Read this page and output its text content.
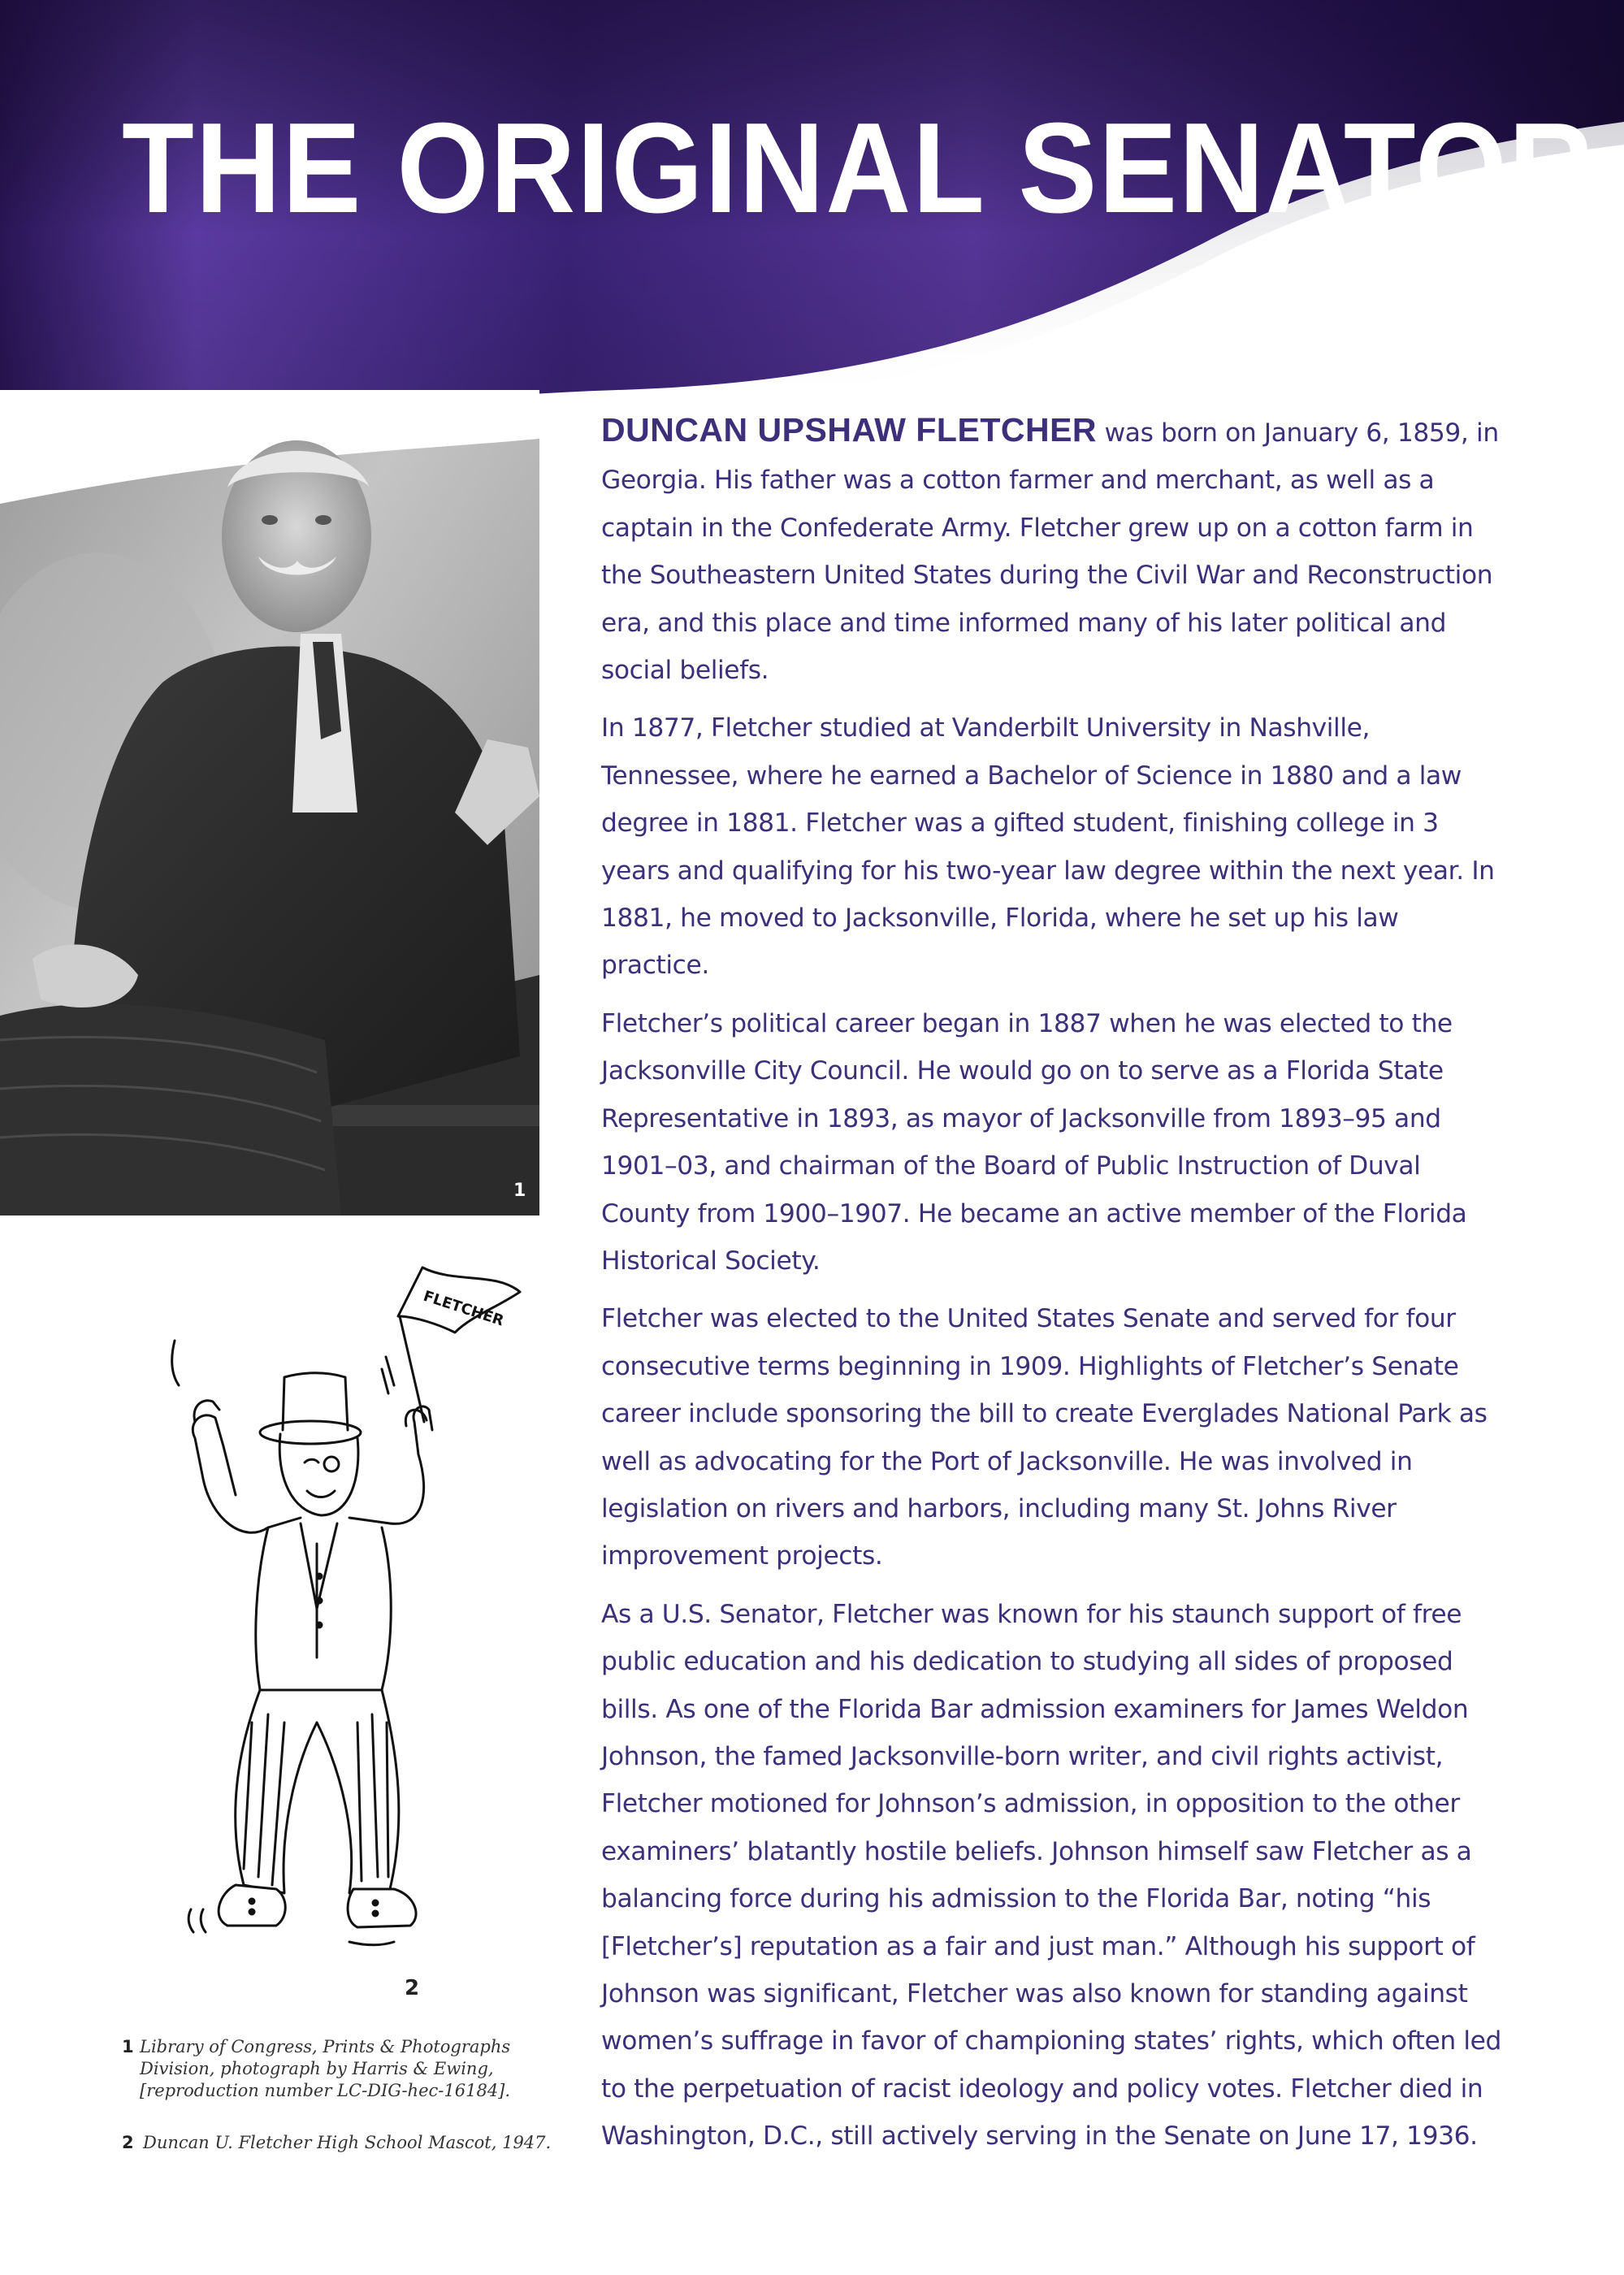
THE ORIGINAL SENATOR
1
FLETCHER
2
1 Library of Congress, Prints & Photographs Division, photograph by Harris & Ewing, [reproduction number LC-DIG-hec-16184].
2 Duncan U. Fletcher High School Mascot, 1947.

DUNCAN UPSHAW FLETCHER was born on January 6, 1859, in Georgia. His father was a cotton farmer and merchant, as well as a captain in the Confederate Army. Fletcher grew up on a cotton farm in the Southeastern United States during the Civil War and Reconstruction era, and this place and time informed many of his later political and social beliefs.

In 1877, Fletcher studied at Vanderbilt University in Nashville, Tennessee, where he earned a Bachelor of Science in 1880 and a law degree in 1881. Fletcher was a gifted student, finishing college in 3 years and qualifying for his two-year law degree within the next year. In 1881, he moved to Jacksonville, Florida, where he set up his law practice.

Fletcher’s political career began in 1887 when he was elected to the Jacksonville City Council. He would go on to serve as a Florida State Representative in 1893, as mayor of Jacksonville from 1893–95 and 1901–03, and chairman of the Board of Public Instruction of Duval County from 1900–1907. He became an active member of the Florida Historical Society.

Fletcher was elected to the United States Senate and served for four consecutive terms beginning in 1909. Highlights of Fletcher’s Senate career include sponsoring the bill to create Everglades National Park as well as advocating for the Port of Jacksonville. He was involved in legislation on rivers and harbors, including many St. Johns River improvement projects.

As a U.S. Senator, Fletcher was known for his staunch support of free public education and his dedication to studying all sides of proposed bills. As one of the Florida Bar admission examiners for James Weldon Johnson, the famed Jacksonville-born writer, and civil rights activist, Fletcher motioned for Johnson’s admission, in opposition to the other examiners’ blatantly hostile beliefs. Johnson himself saw Fletcher as a balancing force during his admission to the Florida Bar, noting “his [Fletcher’s] reputation as a fair and just man.” Although his support of Johnson was significant, Fletcher was also known for standing against women’s suffrage in favor of championing states’ rights, which often led to the perpetuation of racist ideology and policy votes. Fletcher died in Washington, D.C., still actively serving in the Senate on June 17, 1936.
